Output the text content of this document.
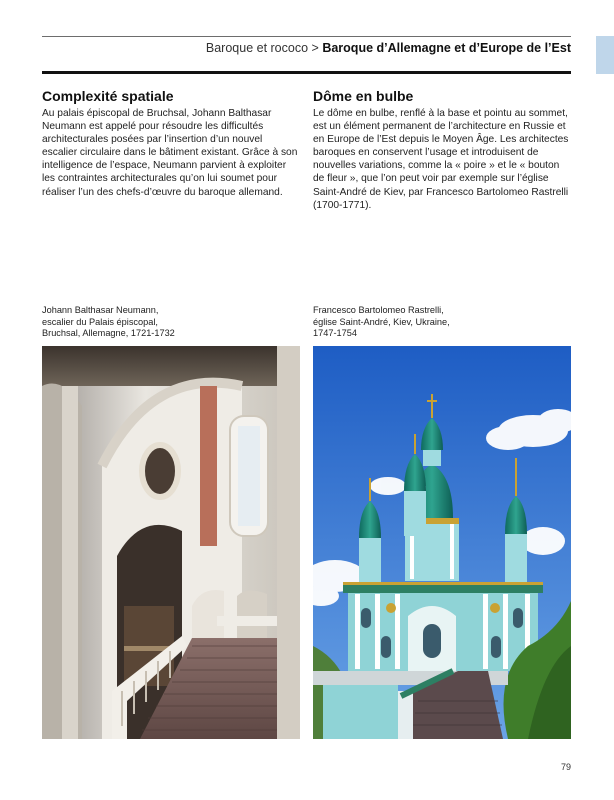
Baroque et rococo > Baroque d’Allemagne et d’Europe de l’Est
Complexité spatiale

Au palais épiscopal de Bruchsal, Johann Balthasar Neumann est appelé pour résoudre les difficultés architecturales posées par l’insertion d’un nouvel escalier circulaire dans le bâtiment existant. Grâce à son intelligence de l’espace, Neumann parvient à exploiter les contraintes architecturales qu’on lui soumet pour réaliser l’un des chefs-d’œuvre du baroque allemand.

Dôme en bulbe

Le dôme en bulbe, renflé à la base et pointu au sommet, est un élément permanent de l’architecture en Russie et en Europe de l’Est depuis le Moyen Âge. Les architectes baroques en conservent l’usage et introduisent de nouvelles variations, comme la « poire » et le « bouton de fleur », que l’on peut voir par exemple sur l’église Saint-André de Kiev, par Francesco Bartolomeo Rastrelli (1700-1771).

Johann Balthasar Neumann,
escalier du Palais épiscopal,
Bruchsal, Allemagne, 1721-1732
Francesco Bartolomeo Rastrelli,
église Saint-André, Kiev, Ukraine,
1747-1754
79
